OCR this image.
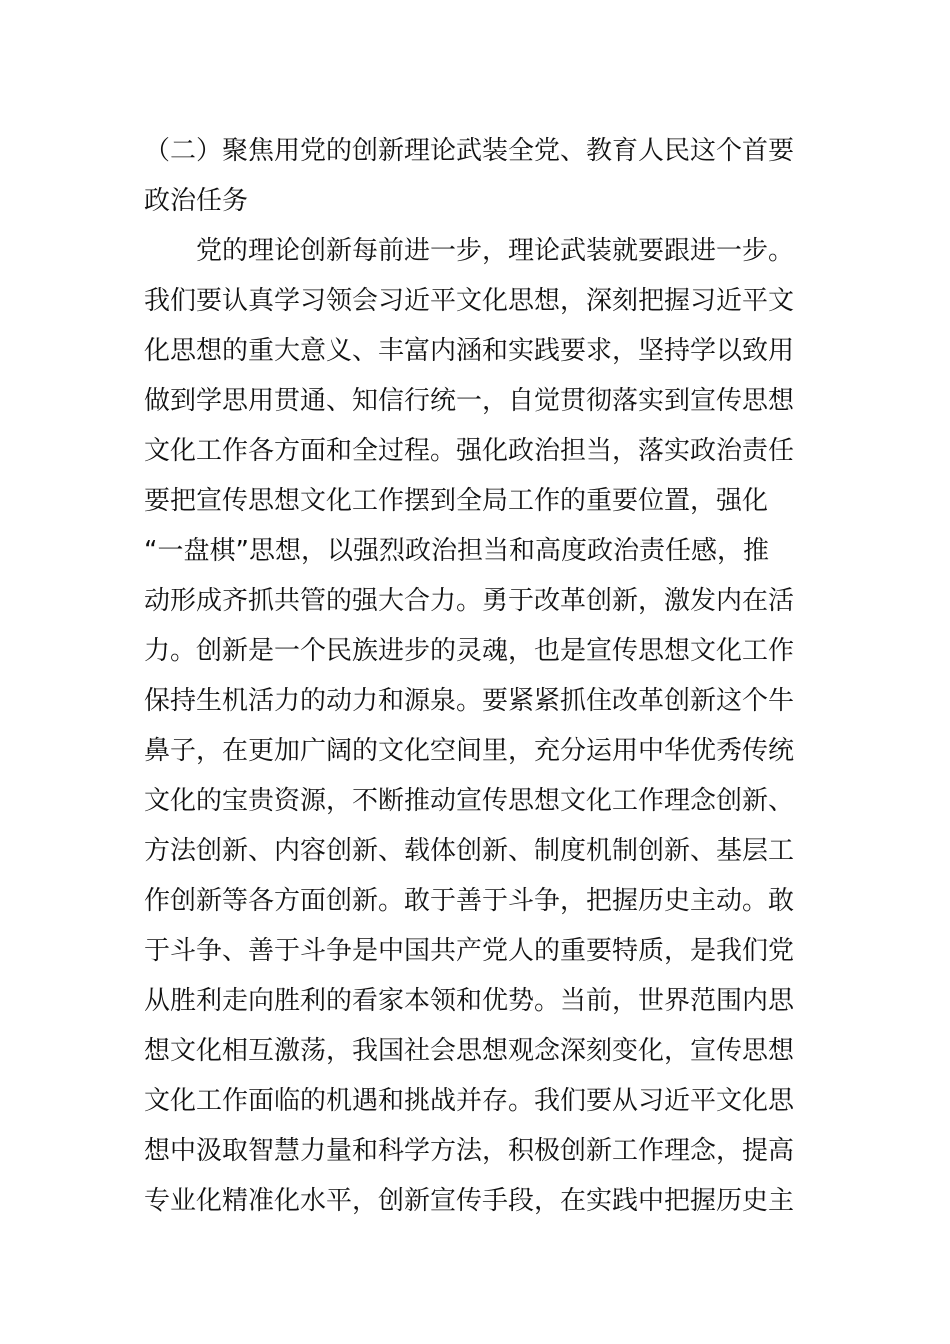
（二）聚焦用党的创新理论武装全党、教育人民这个首要
政治任务
党的理论创新每前进一步，理论武装就要跟进一步。
我们要认真学习领会习近平文化思想，深刻把握习近平文
化思想的重大意义、丰富内涵和实践要求，坚持学以致用
做到学思用贯通、知信行统一，自觉贯彻落实到宣传思想
文化工作各方面和全过程。强化政治担当，落实政治责任
要把宣传思想文化工作摆到全局工作的重要位置，强化
“一盘棋”思想，以强烈政治担当和高度政治责任感，推
动形成齐抓共管的强大合力。勇于改革创新，激发内在活
力。创新是一个民族进步的灵魂，也是宣传思想文化工作
保持生机活力的动力和源泉。要紧紧抓住改革创新这个牛
鼻子，在更加广阔的文化空间里，充分运用中华优秀传统
文化的宝贵资源，不断推动宣传思想文化工作理念创新、
方法创新、内容创新、载体创新、制度机制创新、基层工
作创新等各方面创新。敢于善于斗争，把握历史主动。敢
于斗争、善于斗争是中国共产党人的重要特质，是我们党
从胜利走向胜利的看家本领和优势。当前，世界范围内思
想文化相互激荡，我国社会思想观念深刻变化，宣传思想
文化工作面临的机遇和挑战并存。我们要从习近平文化思
想中汲取智慧力量和科学方法，积极创新工作理念，提高
专业化精准化水平，创新宣传手段，在实践中把握历史主
